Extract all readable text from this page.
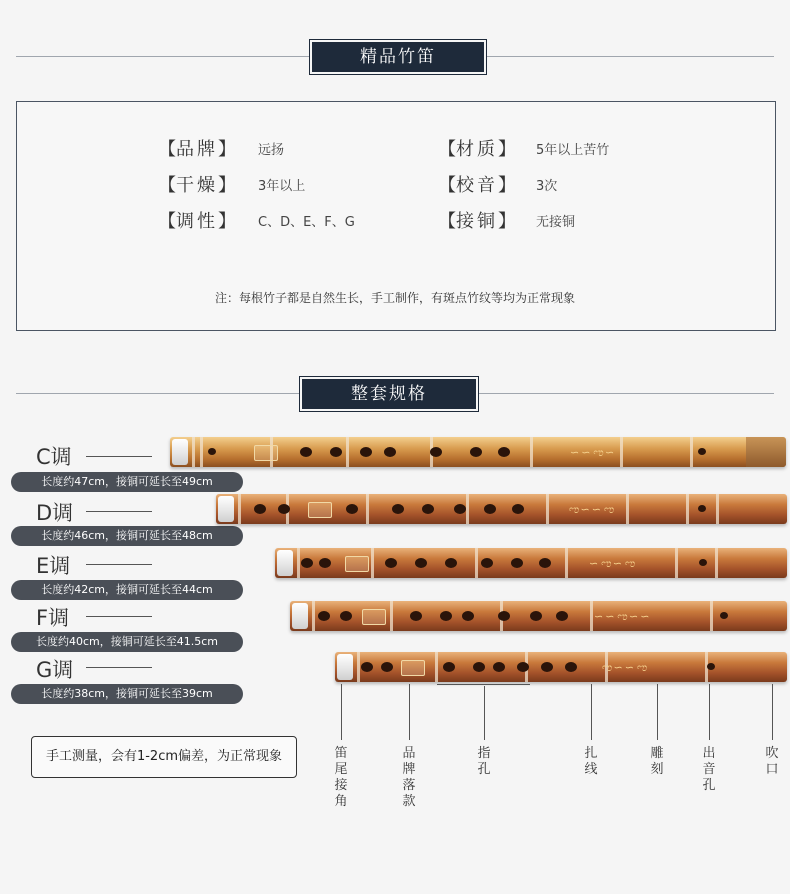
精品竹笛
【品牌】 远扬	【材质】 5年以上苦竹
【干燥】 3年以上	【校音】 3次
【调性】 C、D、E、F、G	【接铜】 无接铜
注：每根竹子都是自然生长，手工制作，有斑点竹纹等均为正常现象
整套规格
C调
长度约47cm，接铜可延长至49cm
D调
长度约46cm，接铜可延长至48cm
E调
长度约42cm，接铜可延长至44cm
F调
长度约40cm，接铜可延长至41.5cm
G调
长度约38cm，接铜可延长至39cm
∽∽ಌ∽
ಌ∽∽ಌ
∽ಌ∽ಌ
∽∽ಌ∽∽
ಌ∽∽ಌ
笛尾接角
品牌落款
指孔
扎线
雕刻
出音孔
吹口
手工测量，会有1-2cm偏差，为正常现象
